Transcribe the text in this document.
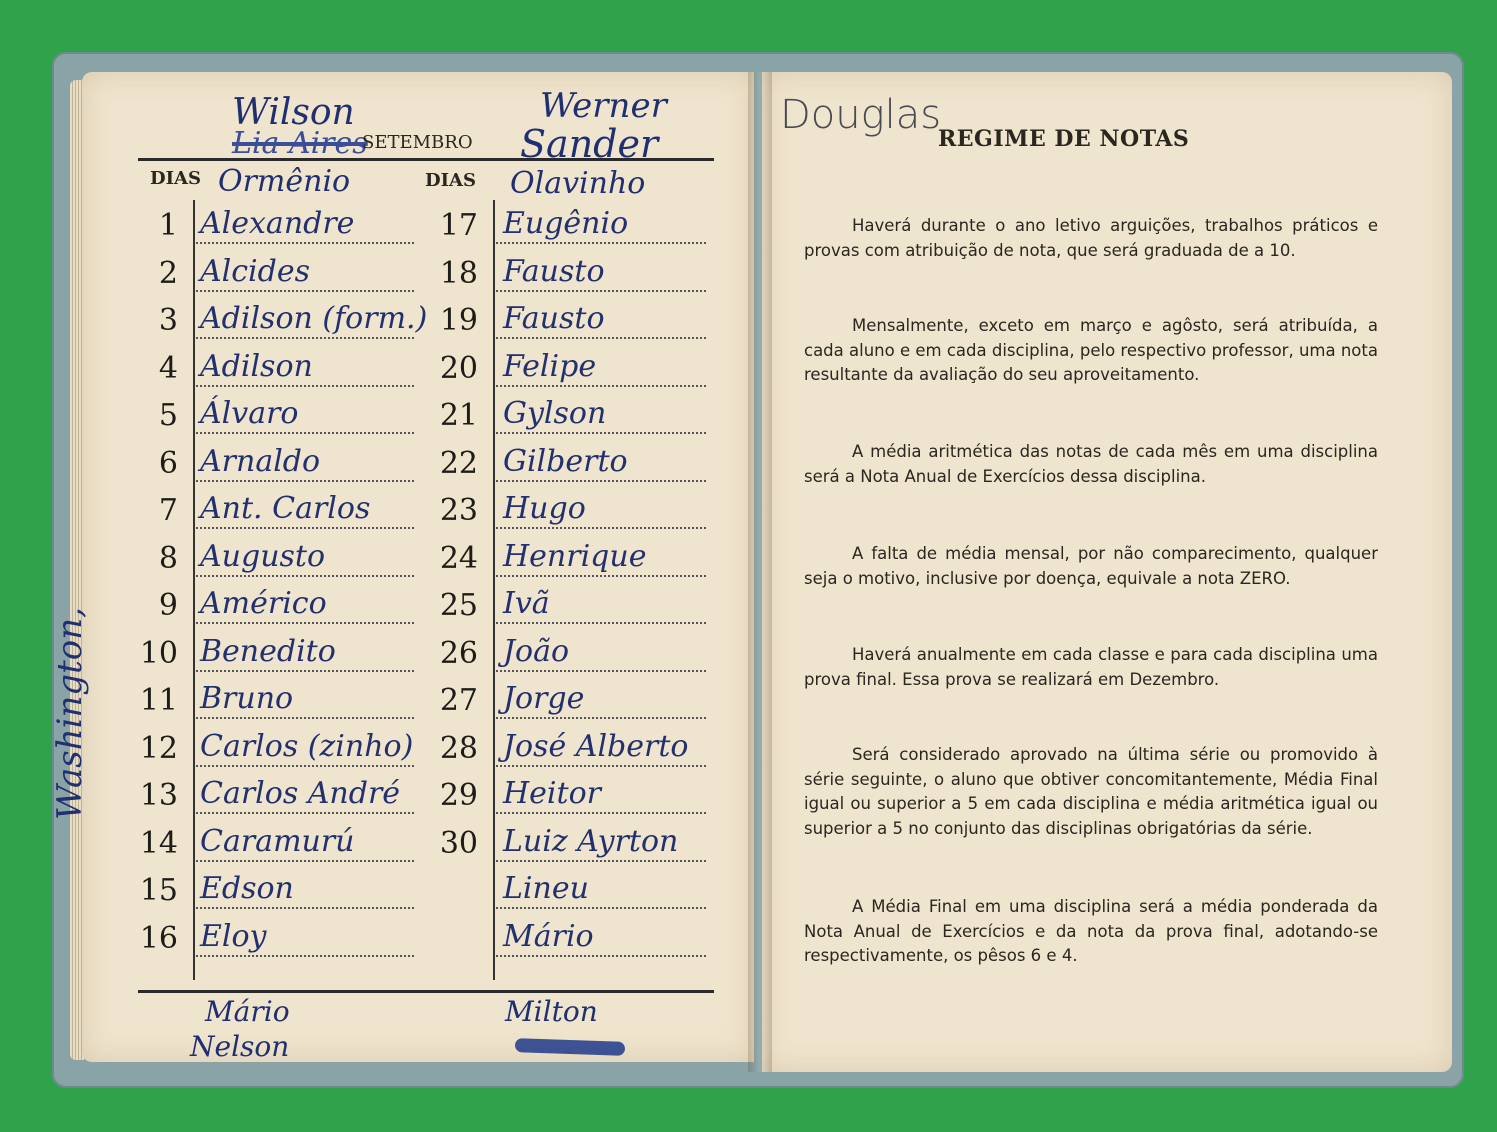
Wilson	Werner
Lia Aires
SETEMBRO Sander
DIAS Ormênio	DIAS Olavinho
1 Alexandre
2 Alcides
3 Adilson (form.)
4 Adilson
5 Álvaro
6 Arnaldo
7 Ant. Carlos
8 Augusto
9 Américo
10 Benedito
11 Bruno
12 Carlos (zinho)
13 Carlos André
14 Caramurú
15 Edson
16 Eloy
17 Eugênio
18 Fausto
19 Fausto
20 Felipe
21 Gylson
22 Gilberto
23 Hugo
24 Henrique
25 Ivã
26 João
27 Jorge
28 José Alberto
29 Heitor
30 Luiz Ayrton
Lineu
Mário
Washington,
Mário
Nelson
Milton
Douglas
REGIME DE NOTAS
Haverá durante o ano letivo arguições, trabalhos práticos e provas com atribuição de nota, que será graduada de a 10.
Mensalmente, exceto em março e agôsto, será atribuída, a cada aluno e em cada disciplina, pelo respectivo professor, uma nota resultante da avaliação do seu aproveitamento.
A média aritmética das notas de cada mês em uma disciplina será a Nota Anual de Exercícios dessa disciplina.
A falta de média mensal, por não comparecimento, qualquer seja o motivo, inclusive por doença, equivale a nota ZERO.
Haverá anualmente em cada classe e para cada disciplina uma prova final. Essa prova se realizará em Dezembro.
Será considerado aprovado na última série ou promovido à série seguinte, o aluno que obtiver concomitantemente, Média Final igual ou superior a 5 em cada disciplina e média aritmética igual ou superior a 5 no conjunto das disciplinas obrigatórias da série.
A Média Final em uma disciplina será a média ponderada da Nota Anual de Exercícios e da nota da prova final, adotando-se respectivamente, os pêsos 6 e 4.
